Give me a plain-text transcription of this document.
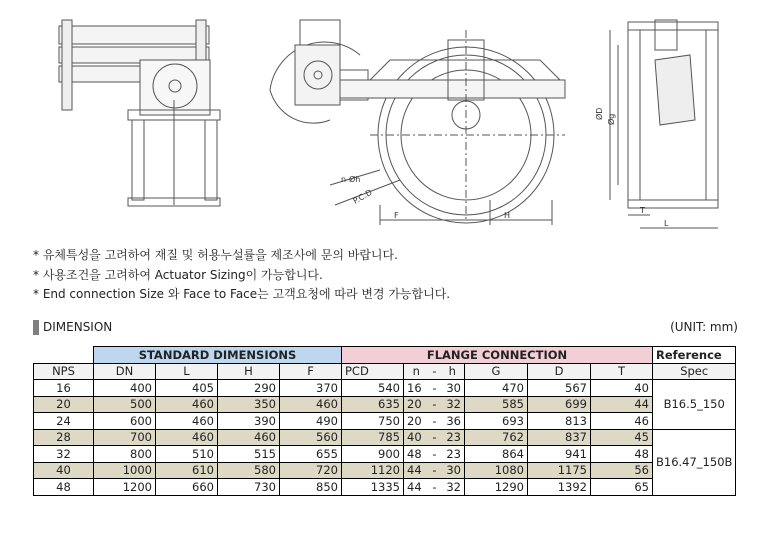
ØD Øg
T
L
F	H
n-Øh
P.C.D
* 유체특성을 고려하여 재질 및 허용누설률을 제조사에 문의 바랍니다.
* 사용조건을 고려하여 Actuator Sizing이 가능합니다.
* End connection Size 와 Face to Face는 고객요청에 따라 변경 가능합니다.
DIMENSION	(UNIT: mm)
	STANDARD DIMENSIONS				FLANGE CONNECTION							Reference
NPS	DN	L	H	F	PCD	n	-	h	G	D	T	Spec
16	400	405	290	370	540	16	-	30	470	567	40	B16.5_150
20	500	460	350	460	635	20	-	32	585	699	44	
24	600	460	390	490	750	20	-	36	693	813	46	
28	700	460	460	560	785	40	-	23	762	837	45	B16.47_150B
32	800	510	515	655	900	48	-	23	864	941	48	
40	1000	610	580	720	1120	44	-	30	1080	1175	56	
48	1200	660	730	850	1335	44	-	32	1290	1392	65	
